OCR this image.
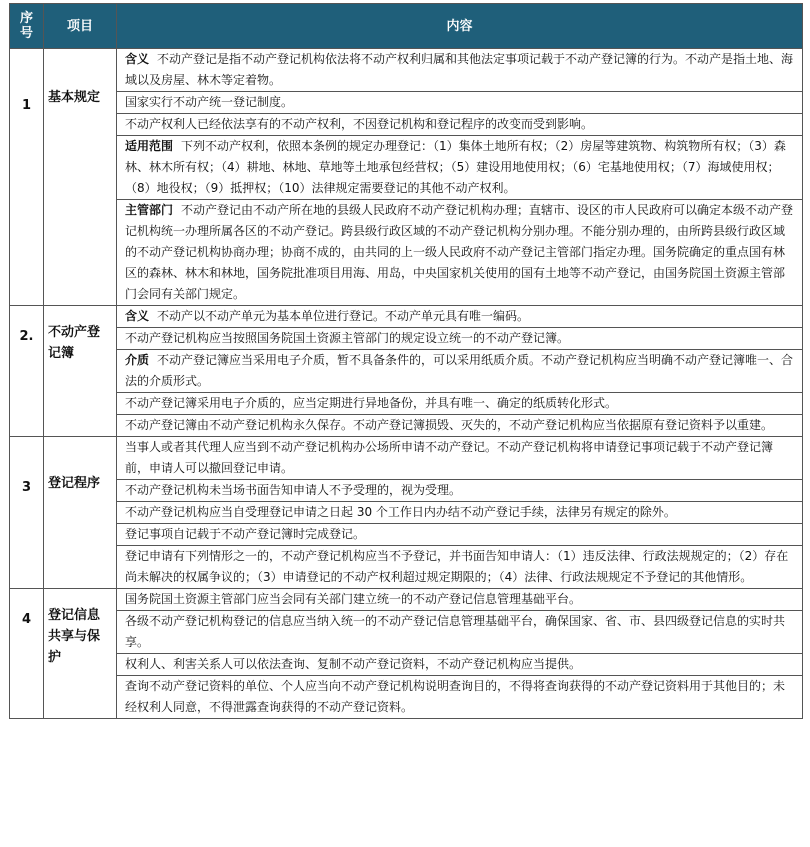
序号	项目	内容

1	基本规定	含义 不动产登记是指不动产登记机构依法将不动产权利归属和其他法定事项记载于不动产登记簿的行为。不动产是指土地、海域以及房屋、林木等定着物。
		国家实行不动产统一登记制度。
		不动产权利人已经依法享有的不动产权利，不因登记机构和登记程序的改变而受到影响。
		适用范围 下列不动产权利，依照本条例的规定办理登记：（1）集体土地所有权；（2）房屋等建筑物、构筑物所有权；（3）森林、林木所有权；（4）耕地、林地、草地等土地承包经营权；（5）建设用地使用权；（6）宅基地使用权；（7）海域使用权；（8）地役权；（9）抵押权；（10）法律规定需要登记的其他不动产权利。
		主管部门 不动产登记由不动产所在地的县级人民政府不动产登记机构办理；直辖市、设区的市人民政府可以确定本级不动产登记机构统一办理所属各区的不动产登记。跨县级行政区域的不动产登记机构分别办理。不能分别办理的，由所跨县级行政区域的不动产登记机构协商办理；协商不成的，由共同的上一级人民政府不动产登记主管部门指定办理。国务院确定的重点国有林区的森林、林木和林地，国务院批准项目用海、用岛，中央国家机关使用的国有土地等不动产登记，由国务院国土资源主管部门会同有关部门规定。

2.	不动产登记簿	含义 不动产以不动产单元为基本单位进行登记。不动产单元具有唯一编码。
		不动产登记机构应当按照国务院国土资源主管部门的规定设立统一的不动产登记簿。
		介质 不动产登记簿应当采用电子介质，暂不具备条件的，可以采用纸质介质。不动产登记机构应当明确不动产登记簿唯一、合法的介质形式。
		不动产登记簿采用电子介质的，应当定期进行异地备份，并具有唯一、确定的纸质转化形式。
		不动产登记簿由不动产登记机构永久保存。不动产登记簿损毁、灭失的，不动产登记机构应当依据原有登记资料予以重建。

3	登记程序	当事人或者其代理人应当到不动产登记机构办公场所申请不动产登记。不动产登记机构将申请登记事项记载于不动产登记簿前，申请人可以撤回登记申请。
		不动产登记机构未当场书面告知申请人不予受理的，视为受理。
		不动产登记机构应当自受理登记申请之日起 30 个工作日内办结不动产登记手续，法律另有规定的除外。
		登记事项自记载于不动产登记簿时完成登记。
		登记申请有下列情形之一的，不动产登记机构应当不予登记，并书面告知申请人：（1）违反法律、行政法规规定的；（2）存在尚未解决的权属争议的；（3）申请登记的不动产权利超过规定期限的；（4）法律、行政法规规定不予登记的其他情形。

4	登记信息共享与保护	国务院国土资源主管部门应当会同有关部门建立统一的不动产登记信息管理基础平台。
		各级不动产登记机构登记的信息应当纳入统一的不动产登记信息管理基础平台，确保国家、省、市、县四级登记信息的实时共享。
		权利人、利害关系人可以依法查询、复制不动产登记资料，不动产登记机构应当提供。
		查询不动产登记资料的单位、个人应当向不动产登记机构说明查询目的，不得将查询获得的不动产登记资料用于其他目的；未经权利人同意，不得泄露查询获得的不动产登记资料。
